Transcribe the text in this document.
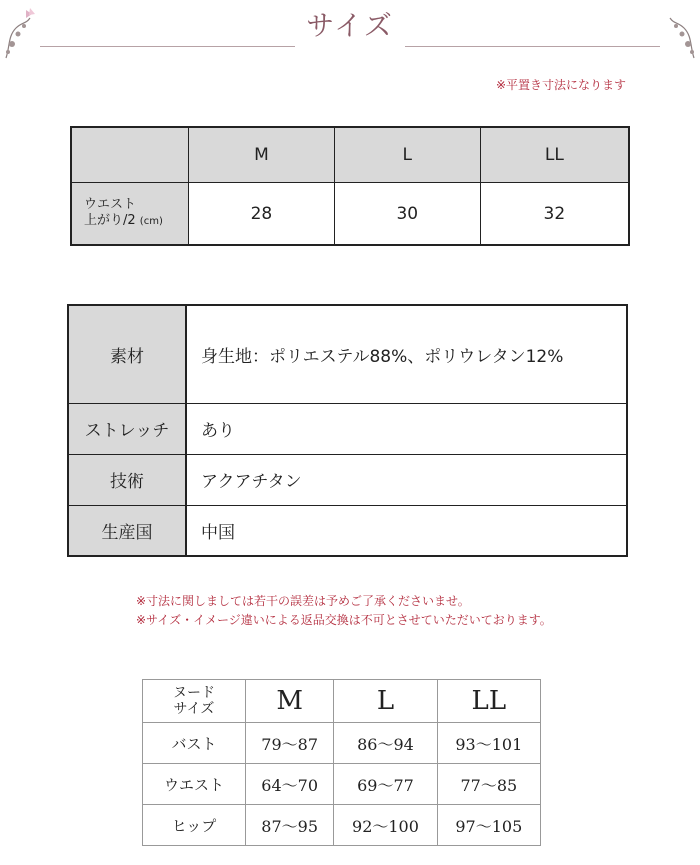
サイズ
※平置き寸法になります
	M	L	LL
ウエスト
上がり/2 (cm)	28	30	32
素材	身生地：ポリエステル88%、ポリウレタン12%
ストレッチ	あり
技術	アクアチタン
生産国	中国
※寸法に関しましては若干の誤差は予めご了承くださいませ。
※サイズ・イメージ違いによる返品交換は不可とさせていただいております。
ヌード
サイズ	M	L	LL
バスト	79〜87	86〜94	93〜101
ウエスト	64〜70	69〜77	77〜85
ヒップ	87〜95	92〜100	97〜105
